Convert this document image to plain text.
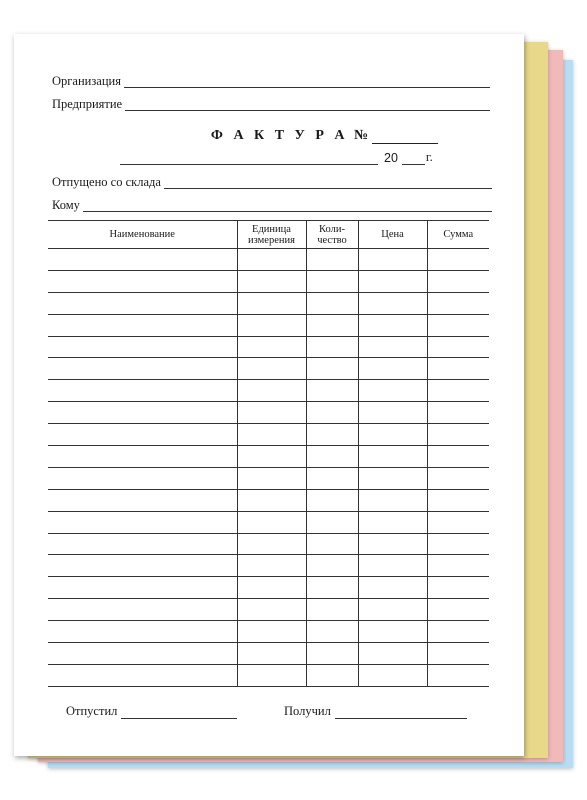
Организация
Предприятие
Ф А К Т У Р А №
20	г.
Отпущено со склада
Кому
Наименование	Единица измерения	Коли-чество	Цена	Сумма

Отпустил	Получил
